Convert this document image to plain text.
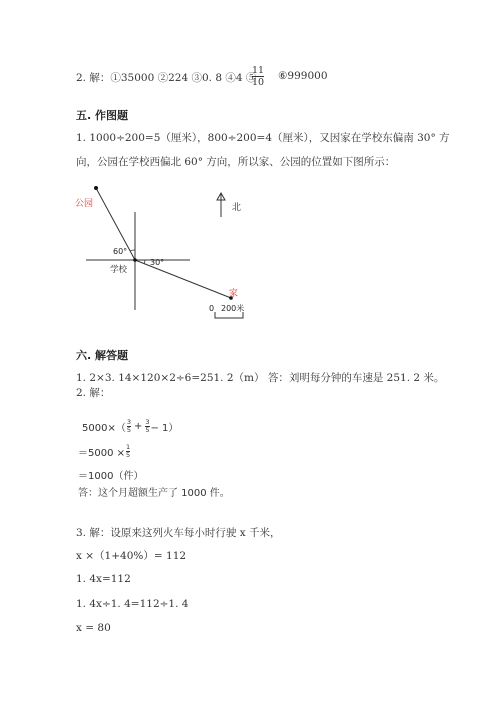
2. 解：①35000 ②224 ③0. 8 ④4 ⑤
11
10
⑥999000
五. 作图题
1. 1000÷200=5（厘米），800÷200=4（厘米），又因家在学校东偏南 30° 方
向，公园在学校西偏北 60° 方向，所以家、公园的位置如下图所示：
公园	北
60°
30°
学校
家
0 200米
六. 解答题
1. 2×3. 14×120×2÷6=251. 2（m） 答：刘明每分钟的车速是 251. 2 米。
2. 解：
$5000\times( \frac{3}{5} + \frac{3}{5} - 1)$
$=5000 \times \frac{1}{5}$
＝1000（件）
答：这个月超额生产了 1000 件。
3. 解：设原来这列火车每小时行驶 x 千米，
x ×（1+40%）= 112
1. 4x=112
1. 4x÷1. 4=112÷1. 4
x = 80
